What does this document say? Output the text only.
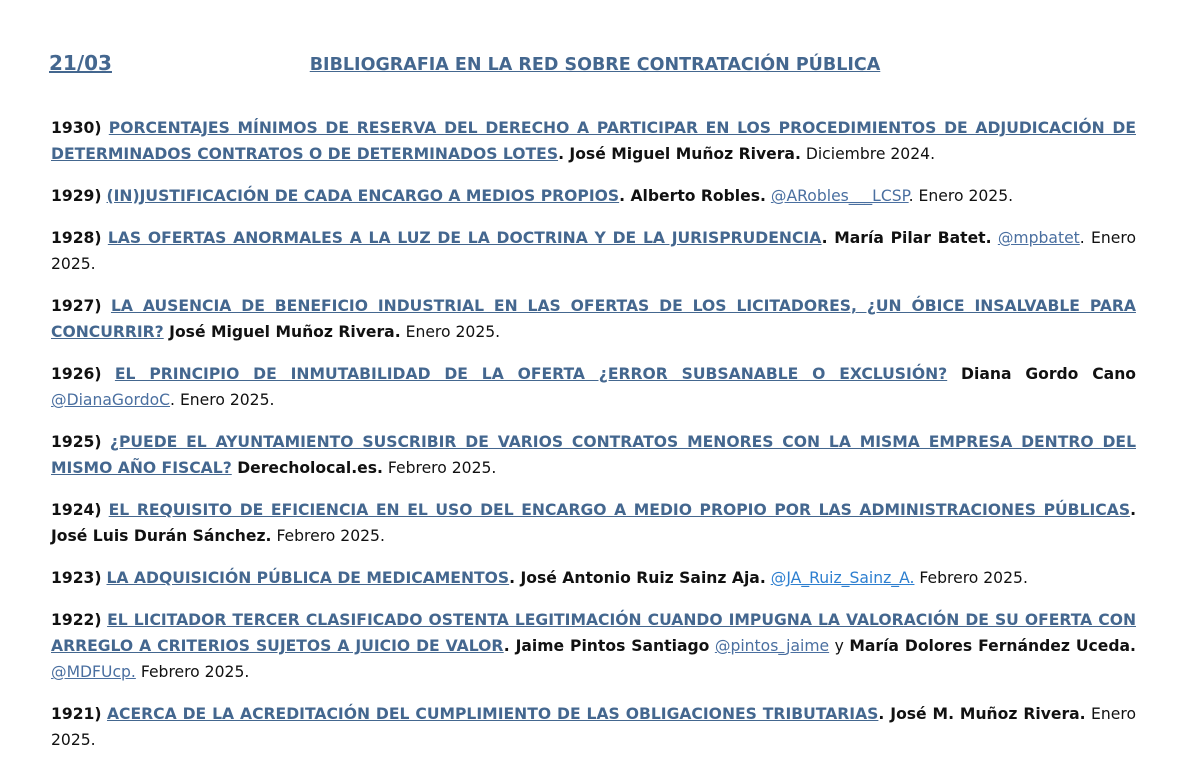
21/03	BIBLIOGRAFIA EN LA RED SOBRE CONTRATACIÓN PÚBLICA

1930) PORCENTAJES MÍNIMOS DE RESERVA DEL DERECHO A PARTICIPAR EN LOS PROCEDIMIENTOS DE ADJUDICACIÓN DE DETERMINADOS CONTRATOS O DE DETERMINADOS LOTES. José Miguel Muñoz Rivera. Diciembre 2024.

1929) (IN)JUSTIFICACIÓN DE CADA ENCARGO A MEDIOS PROPIOS. Alberto Robles. @ARobles___LCSP. Enero 2025.

1928) LAS OFERTAS ANORMALES A LA LUZ DE LA DOCTRINA Y DE LA JURISPRUDENCIA. María Pilar Batet. @mpbatet. Enero 2025.

1927) LA AUSENCIA DE BENEFICIO INDUSTRIAL EN LAS OFERTAS DE LOS LICITADORES, ¿UN ÓBICE INSALVABLE PARA CONCURRIR? José Miguel Muñoz Rivera. Enero 2025.

1926) EL PRINCIPIO DE INMUTABILIDAD DE LA OFERTA ¿ERROR SUBSANABLE O EXCLUSIÓN? Diana Gordo Cano @DianaGordoC. Enero 2025.

1925) ¿PUEDE EL AYUNTAMIENTO SUSCRIBIR DE VARIOS CONTRATOS MENORES CON LA MISMA EMPRESA DENTRO DEL MISMO AÑO FISCAL? Derecholocal.es. Febrero 2025.

1924) EL REQUISITO DE EFICIENCIA EN EL USO DEL ENCARGO A MEDIO PROPIO POR LAS ADMINISTRACIONES PÚBLICAS. José Luis Durán Sánchez. Febrero 2025.

1923) LA ADQUISICIÓN PÚBLICA DE MEDICAMENTOS. José Antonio Ruiz Sainz Aja. @JA_Ruiz_Sainz_A. Febrero 2025.

1922) EL LICITADOR TERCER CLASIFICADO OSTENTA LEGITIMACIÓN CUANDO IMPUGNA LA VALORACIÓN DE SU OFERTA CON ARREGLO A CRITERIOS SUJETOS A JUICIO DE VALOR. Jaime Pintos Santiago @pintos_jaime y María Dolores Fernández Uceda. @MDFUcp. Febrero 2025.

1921) ACERCA DE LA ACREDITACIÓN DEL CUMPLIMIENTO DE LAS OBLIGACIONES TRIBUTARIAS. José M. Muñoz Rivera. Enero 2025.
